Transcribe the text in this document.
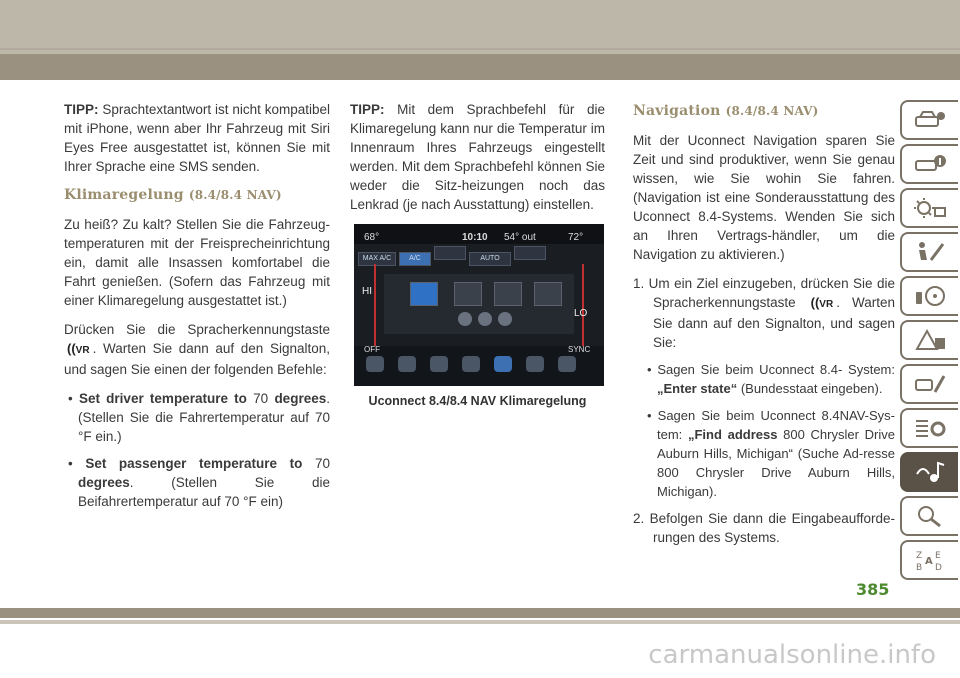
TIPP: Sprachtextantwort ist nicht kompatibel mit iPhone, wenn aber Ihr Fahrzeug mit Siri Eyes Free ausgestattet ist, können Sie mit Ihrer Sprache eine SMS senden.

Klimaregelung (8.4/8.4 NAV)

Zu heiß? Zu kalt? Stellen Sie die Fahrzeug-temperaturen mit der Freisprecheinrichtung ein, damit alle Insassen komfortabel die Fahrt genießen. (Sofern das Fahrzeug mit einer Klimaregelung ausgestattet ist.)

Drücken Sie die Spracherkennungstaste ((VR . Warten Sie dann auf den Signalton, und sagen Sie einen der folgenden Befehle:

• Set driver temperature to 70 degrees. (Stellen Sie die Fahrertemperatur auf 70 °F ein.)

• Set passenger temperature to 70 degrees. (Stellen Sie die Beifahrertemperatur auf 70 °F ein)

TIPP: Mit dem Sprachbefehl für die Klimaregelung kann nur die Temperatur im Innenraum Ihres Fahrzeugs eingestellt werden. Mit dem Sprachbefehl können Sie weder die Sitz-heizungen noch das Lenkrad (je nach Ausstattung) einstellen.

68°	10:10 54° out	72°
MAX A/C	A/C	AUTO
HI
LO
OFF	SYNC

Uconnect 8.4/8.4 NAV Klimaregelung

Navigation (8.4/8.4 NAV)

Mit der Uconnect Navigation sparen Sie Zeit und sind produktiver, wenn Sie genau wissen, wie Sie wohin Sie fahren. (Navigation ist eine Sonderausstattung des Uconnect 8.4-Systems. Wenden Sie sich an Ihren Vertrags-händler, um die Navigation zu aktivieren.)

1. Um ein Ziel einzugeben, drücken Sie die Spracherkennungstaste ((VR . Warten Sie dann auf den Signalton, und sagen Sie:

• Sagen Sie beim Uconnect 8.4- System: „Enter state“ (Bundesstaat eingeben).

• Sagen Sie beim Uconnect 8.4NAV-Sys-tem: „Find address 800 Chrysler Drive Auburn Hills, Michigan“ (Suche Ad-resse 800 Chrysler Drive Auburn Hills, Michigan).

2. Befolgen Sie dann die Eingabeaufforde-rungen des Systems.

Z E
A
B D
385
carmanualsonline.info
